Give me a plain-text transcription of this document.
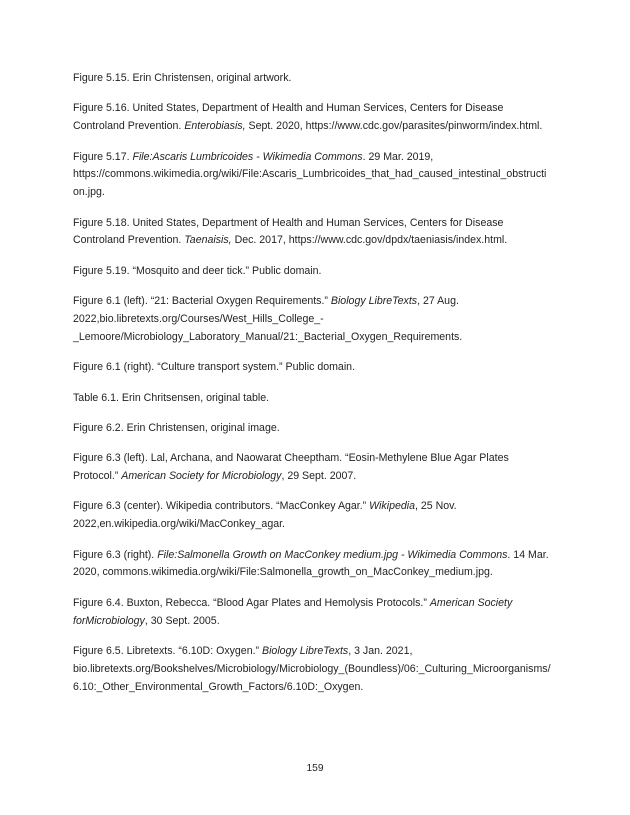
Figure 5.15. Erin Christensen, original artwork.

Figure 5.16. United States, Department of Health and Human Services, Centers for Disease Controland Prevention. Enterobiasis, Sept. 2020, https://www.cdc.gov/parasites/pinworm/index.html.

Figure 5.17. File:Ascaris Lumbricoides - Wikimedia Commons. 29 Mar. 2019, https://commons.wikimedia.org/wiki/File:Ascaris_Lumbricoides_that_had_caused_intestinal_obstruction.jpg.

Figure 5.18. United States, Department of Health and Human Services, Centers for Disease Controland Prevention. Taenaisis, Dec. 2017, https://www.cdc.gov/dpdx/taeniasis/index.html.

Figure 5.19. “Mosquito and deer tick.” Public domain.

Figure 6.1 (left). “21: Bacterial Oxygen Requirements.” Biology LibreTexts, 27 Aug. 2022,bio.libretexts.org/Courses/West_Hills_College_-_Lemoore/Microbiology_Laboratory_Manual/21:_Bacterial_Oxygen_Requirements.

Figure 6.1 (right). “Culture transport system.” Public domain.

Table 6.1. Erin Chritsensen, original table.

Figure 6.2. Erin Christensen, original image.

Figure 6.3 (left). Lal, Archana, and Naowarat Cheeptham. “Eosin-Methylene Blue Agar Plates Protocol.” American Society for Microbiology, 29 Sept. 2007.

Figure 6.3 (center). Wikipedia contributors. “MacConkey Agar.” Wikipedia, 25 Nov. 2022,en.wikipedia.org/wiki/MacConkey_agar.

Figure 6.3 (right). File:Salmonella Growth on MacConkey medium.jpg - Wikimedia Commons. 14 Mar. 2020, commons.wikimedia.org/wiki/File:Salmonella_growth_on_MacConkey_medium.jpg.

Figure 6.4. Buxton, Rebecca. “Blood Agar Plates and Hemolysis Protocols.” American Society forMicrobiology, 30 Sept. 2005.

Figure 6.5. Libretexts. “6.10D: Oxygen.” Biology LibreTexts, 3 Jan. 2021, bio.libretexts.org/Bookshelves/Microbiology/Microbiology_(Boundless)/06:_Culturing_Microorganisms/6.10:_Other_Environmental_Growth_Factors/6.10D:_Oxygen.

159
